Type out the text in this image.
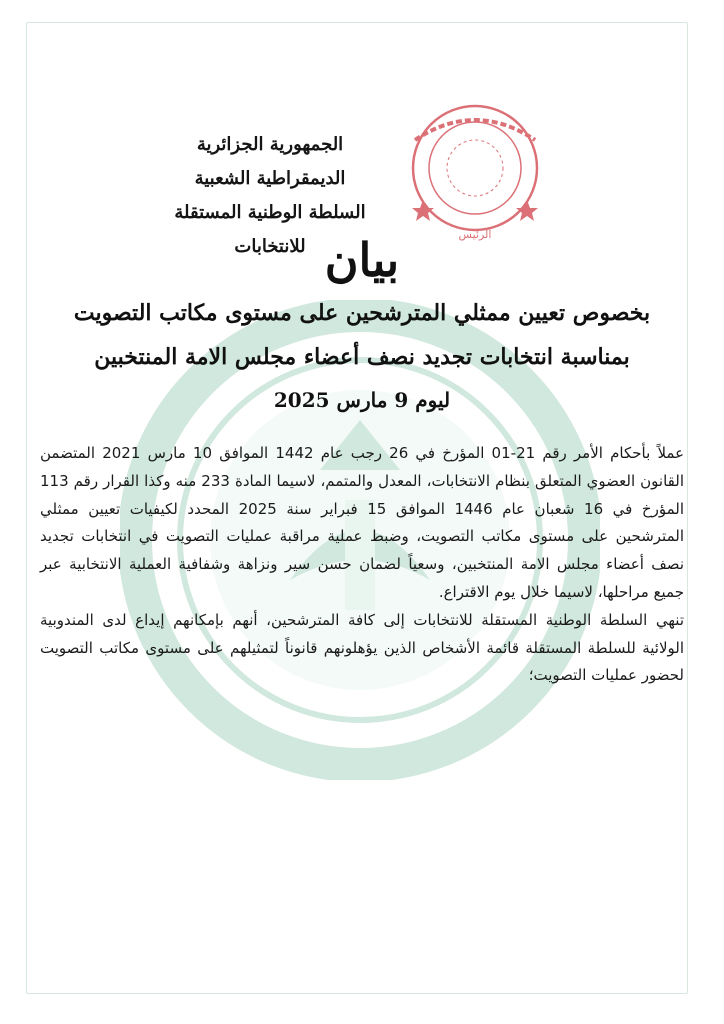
الرئيس
الجمهورية الجزائرية الديمقراطية الشعبية
السلطة الوطنية المستقلة للانتخابات بيان
بخصوص تعيين ممثلي المترشحين على مستوى مكاتب التصويت
بمناسبة انتخابات تجديد نصف أعضاء مجلس الامة المنتخبين
ليوم 9 مارس 2025

عملاً بأحكام الأمر رقم 21-01 المؤرخ في 26 رجب عام 1442 الموافق 10 مارس 2021 المتضمن القانون العضوي المتعلق بنظام الانتخابات، المعدل والمتمم، لاسيما المادة 233 منه وكذا القرار رقم 113 المؤرخ في 16 شعبان عام 1446 الموافق 15 فبراير سنة 2025 المحدد لكيفيات تعيين ممثلي المترشحين على مستوى مكاتب التصويت، وضبط عملية مراقبة عمليات التصويت في انتخابات تجديد نصف أعضاء مجلس الامة المنتخبين، وسعياً لضمان حسن سير ونزاهة وشفافية العملية الانتخابية عبر جميع مراحلها، لاسيما خلال يوم الاقتراع.

تنهي السلطة الوطنية المستقلة للانتخابات إلى كافة المترشحين، أنهم بإمكانهم إيداع لدى المندوبية الولائية للسلطة المستقلة قائمة الأشخاص الذين يؤهلونهم قانوناً لتمثيلهم على مستوى مكاتب التصويت لحضور عمليات التصويت؛
